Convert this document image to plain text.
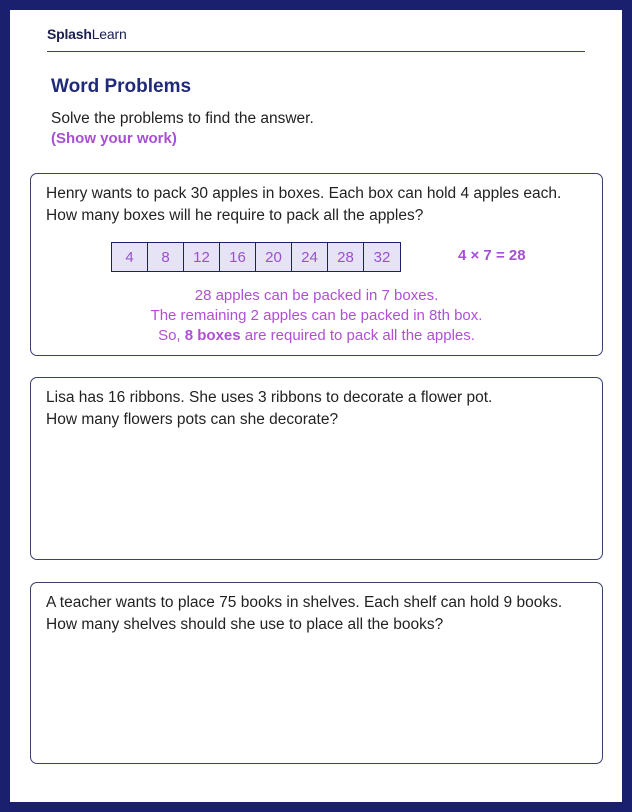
SplashLearn
Word Problems
Solve the problems to find the answer.
(Show your work)
Henry wants to pack 30 apples in boxes. Each box can hold 4 apples each.
How many boxes will he require to pack all the apples?
4	8	12	16	20	24	28	32	4 × 7 = 28
28 apples can be packed in 7 boxes.
The remaining 2 apples can be packed in 8th box.
So, 8 boxes are required to pack all the apples.
Lisa has 16 ribbons. She uses 3 ribbons to decorate a flower pot.
How many flowers pots can she decorate?
A teacher wants to place 75 books in shelves. Each shelf can hold 9 books.
How many shelves should she use to place all the books?
